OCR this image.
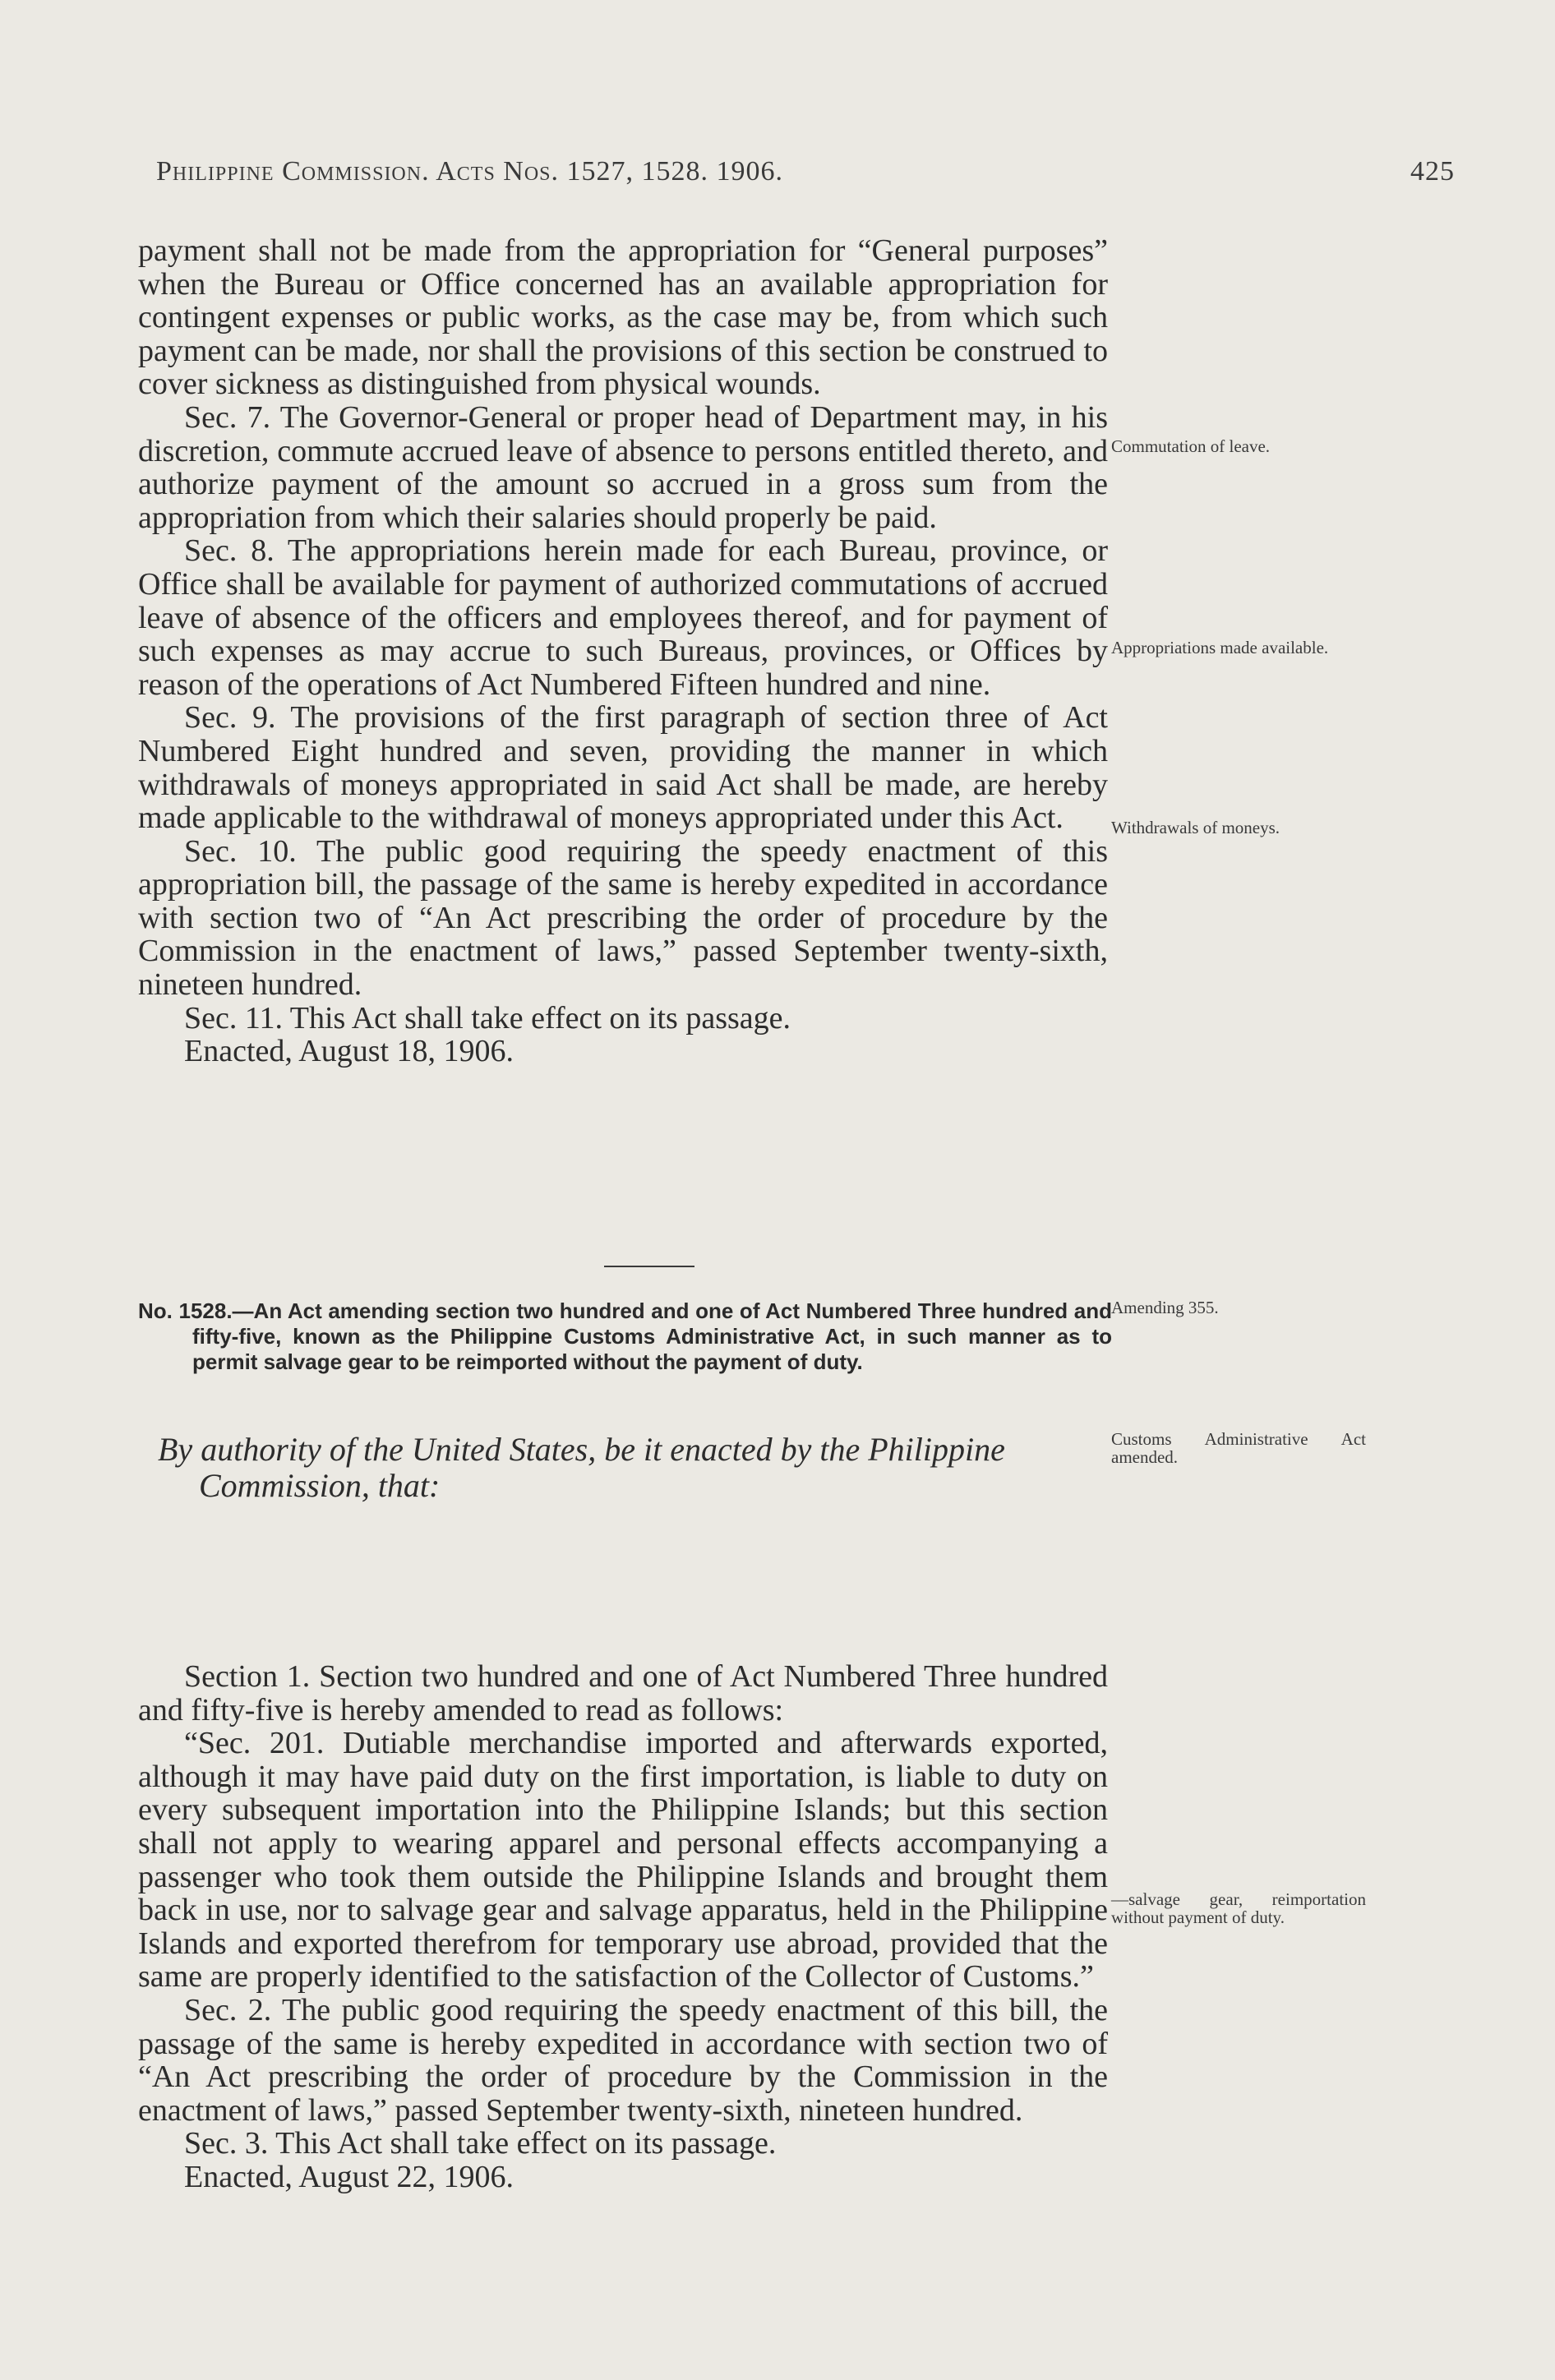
Philippine Commission. Acts Nos. 1527, 1528. 1906.	425

payment shall not be made from the appropriation for “General purposes” when the Bureau or Office concerned has an available appropriation for contingent expenses or public works, as the case may be, from which such payment can be made, nor shall the provisions of this section be construed to cover sickness as distinguished from physical wounds.

Sec. 7. The Governor-General or proper head of Department may, in his discretion, commute accrued leave of absence to persons entitled thereto, and authorize payment of the amount so accrued in a gross sum from the appropriation from which their salaries should properly be paid.

Sec. 8. The appropriations herein made for each Bureau, province, or Office shall be available for payment of authorized commutations of accrued leave of absence of the officers and employees thereof, and for payment of such expenses as may accrue to such Bureaus, provinces, or Offices by reason of the operations of Act Numbered Fifteen hundred and nine.

Sec. 9. The provisions of the first paragraph of section three of Act Numbered Eight hundred and seven, providing the manner in which withdrawals of moneys appropriated in said Act shall be made, are hereby made applicable to the withdrawal of moneys appropriated under this Act.

Sec. 10. The public good requiring the speedy enactment of this appropriation bill, the passage of the same is hereby expedited in accordance with section two of “An Act prescribing the order of procedure by the Commission in the enactment of laws,” passed September twenty-sixth, nineteen hundred.

Sec. 11. This Act shall take effect on its passage.

Enacted, August 18, 1906.

Commutation of leave.
Appropriations made available.
Withdrawals of moneys.
No. 1528.—An Act amending section two hundred and one of Act Numbered Three hundred and fifty-five, known as the Philippine Customs Administrative Act, in such manner as to permit salvage gear to be reimported without the payment of duty.
Amending 355.
By authority of the United States, be it enacted by the Philippine Commission, that:
Customs Administrative Act amended.

Section 1. Section two hundred and one of Act Numbered Three hundred and fifty-five is hereby amended to read as follows:

“Sec. 201. Dutiable merchandise imported and afterwards exported, although it may have paid duty on the first importation, is liable to duty on every subsequent importation into the Philippine Islands; but this section shall not apply to wearing apparel and personal effects accompanying a passenger who took them outside the Philippine Islands and brought them back in use, nor to salvage gear and salvage apparatus, held in the Philippine Islands and exported therefrom for temporary use abroad, provided that the same are properly identified to the satisfaction of the Collector of Customs.”

Sec. 2. The public good requiring the speedy enactment of this bill, the passage of the same is hereby expedited in accordance with section two of “An Act prescribing the order of procedure by the Commission in the enactment of laws,” passed September twenty-sixth, nineteen hundred.

Sec. 3. This Act shall take effect on its passage.

Enacted, August 22, 1906.

—salvage gear, reimportation without payment of duty.
